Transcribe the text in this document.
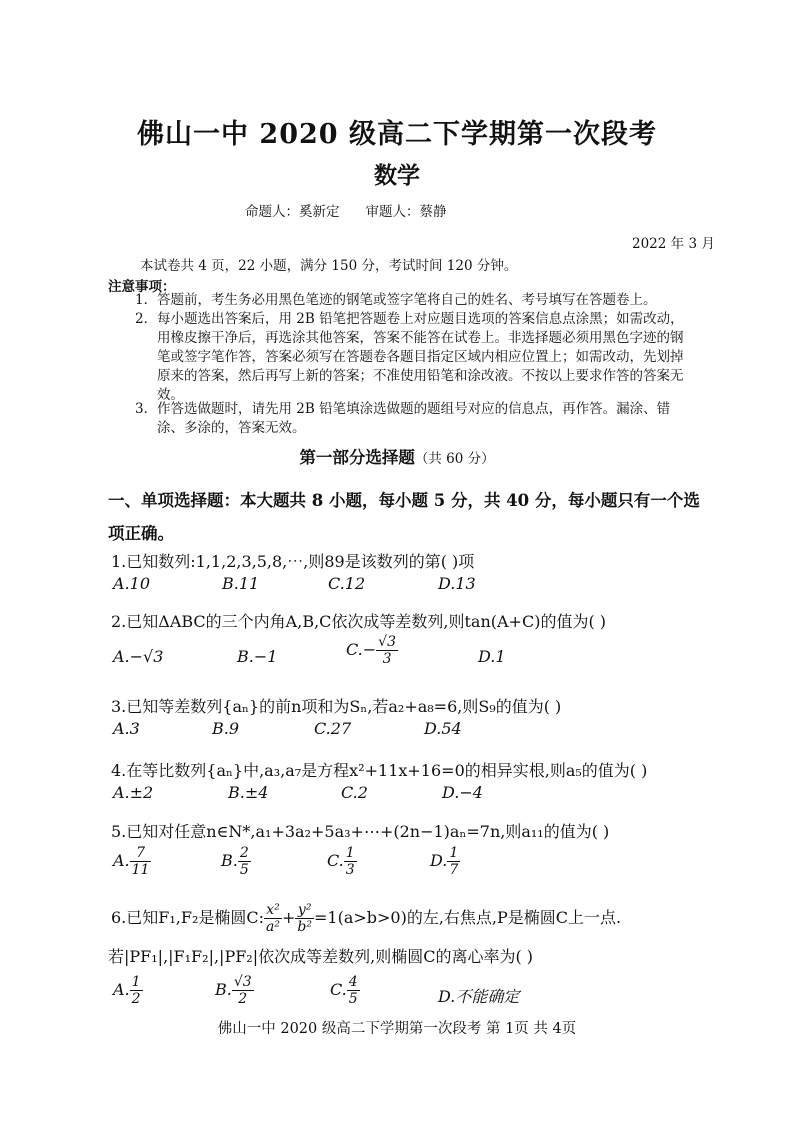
佛山一中 2020 级高二下学期第一次段考
数学
命题人：奚新定 审题人：蔡静
2022 年 3 月
本试卷共 4 页，22 小题，满分 150 分，考试时间 120 分钟。
注意事项：
1． 答题前，考生务必用黑色笔迹的钢笔或签字笔将自己的姓名、考号填写在答题卷上。
2． 每小题选出答案后，用 2B 铅笔把答题卷上对应题目选项的答案信息点涂黑；如需改动，用橡皮擦干净后，再选涂其他答案，答案不能答在试卷上。非选择题必须用黑色字迹的钢笔或签字笔作答，答案必须写在答题卷各题目指定区域内相应位置上；如需改动，先划掉原来的答案，然后再写上新的答案；不准使用铅笔和涂改液。不按以上要求作答的答案无效。
3． 作答选做题时，请先用 2B 铅笔填涂选做题的题组号对应的信息点，再作答。漏涂、错涂、多涂的，答案无效。
第一部分选择题（共 60 分）
一、单项选择题：本大题共 8 小题，每小题 5 分，共 40 分，每小题只有一个选项正确。
1.已知数列:1,1,2,3,5,8,⋯,则89是该数列的第( )项
A.10	B.11	C.12	D.13
2.已知ΔABC的三个内角A,B,C依次成等差数列,则tan(A+C)的值为( )
A.−√3	B.−1	$C.- \frac{√3}{3}$	D.1
3.已知等差数列{aₙ}的前n项和为Sₙ,若a₂+a₈=6,则S₉的值为( )
A.3	B.9	C.27	D.54
4.在等比数列{aₙ}中,a₃,a₇是方程x²+11x+16=0的相异实根,则a₅的值为( )
A.±2	B.±4	C.2	D.−4
5.已知对任意n∈N*,a₁+3a₂+5a₃+⋯+(2n−1)aₙ=7n,则a₁₁的值为( )
A. $\frac{7}{11}$	B. $\frac{2}{5}$	C. $\frac{1}{3}$	D. $\frac{1}{7}$
6.已知F₁,F₂是椭圆C: $\frac{\text{x²}}{\text{a²}} + \frac{\text{y²}}{\text{b²}} =1(a>b>0)$的左,右焦点,P是椭圆C上一点.
若|PF₁|,|F₁F₂|,|PF₂|依次成等差数列,则椭圆C的离心率为( )
A. $\frac{1}{2}$	B. $\frac{√3}{2}$	C. $\frac{4}{5}$	D.不能确定
佛山一中 2020 级高二下学期第一次段考 第 1页 共 4页
